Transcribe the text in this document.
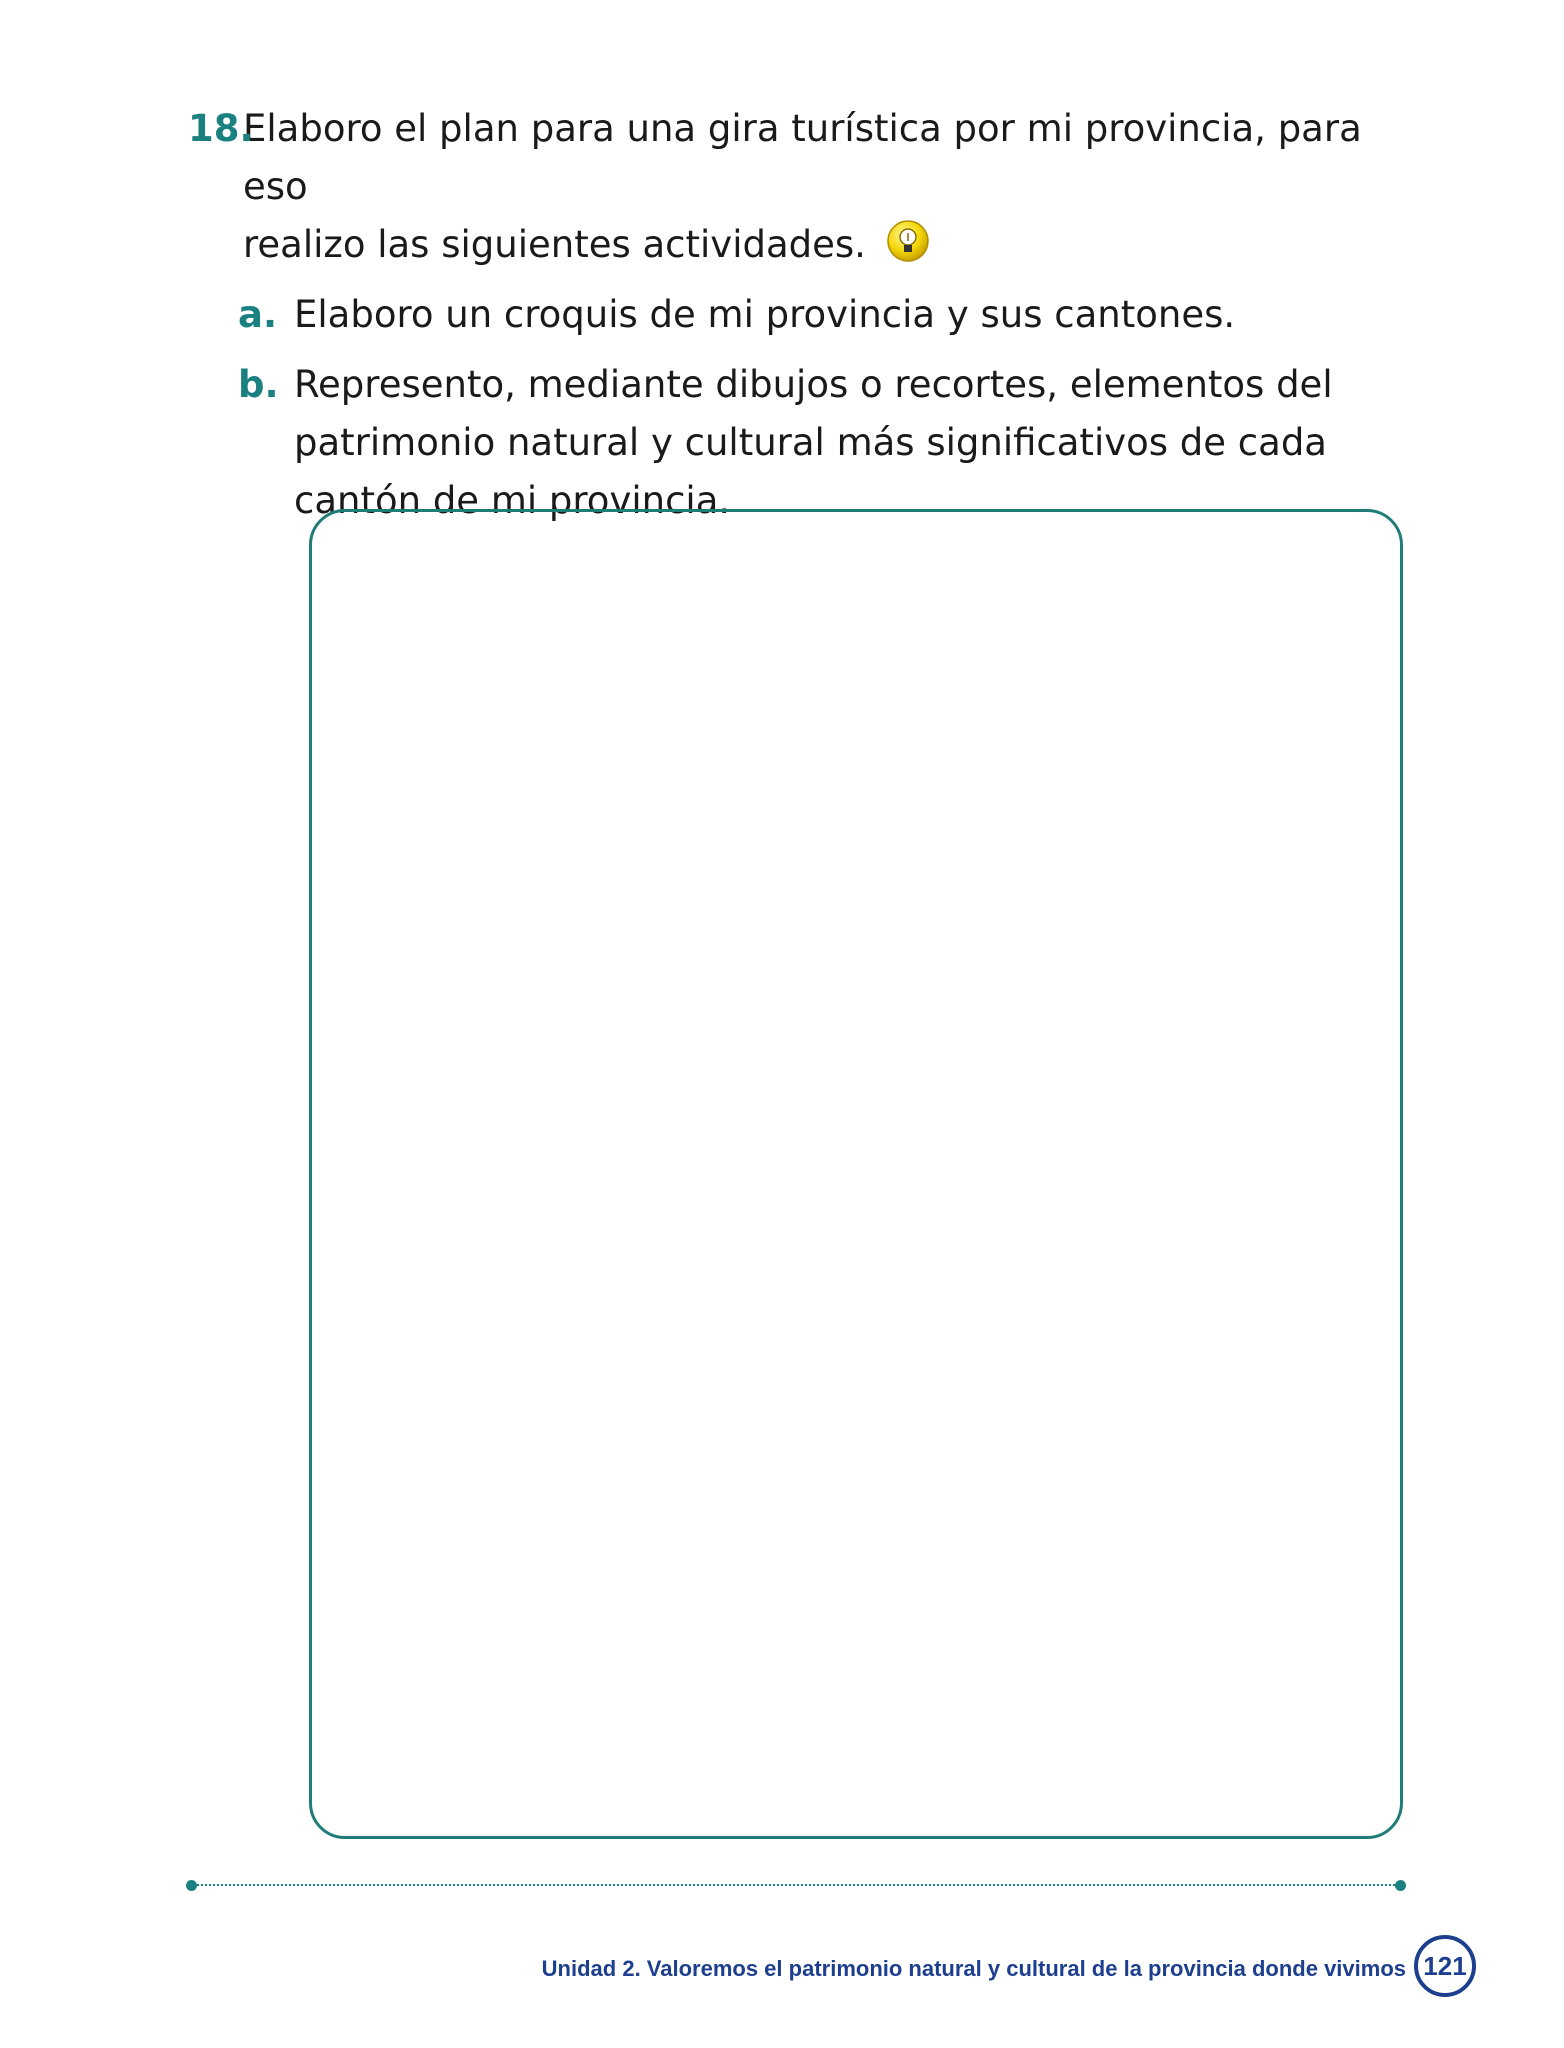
18.
Elaboro el plan para una gira turística por mi provincia, para eso
realizo las siguientes actividades.
a. Elaboro un croquis de mi provincia y sus cantones.
b. Represento, mediante dibujos o recortes, elementos del patrimonio natural y cultural más significativos de cada cantón de mi provincia.
Unidad 2. Valoremos el patrimonio natural y cultural de la provincia donde vivimos 121
